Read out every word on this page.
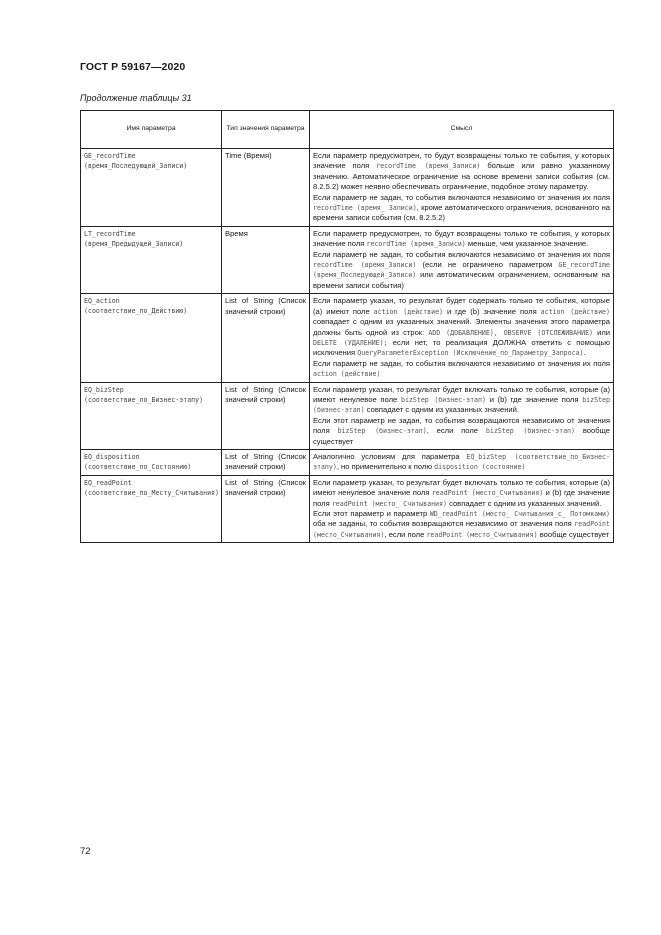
ГОСТ Р 59167—2020
Продолжение таблицы 31
Имя параметра	Тип значения параметра	Смысл
GE_recordTime (время_Последующей_Записи)	Time (Время)	Если параметр предусмотрен, то будут возвращены только те события, у которых значение поля recordTime (время_Записи) больше или равно указанному значению. Автоматическое ограничение на основе времени записи события (см. 8.2.5.2) может неявно обеспечивать ограничение, подобное этому параметру.

Если параметр не задан, то события включаются независимо от значения их поля recordTime (время_ Записи), кроме автоматического ограничения, основанного на времени записи события (см. 8.2.5.2)

LT_recordTime (время_Предыдущей_Записи)	Время	Если параметр предусмотрен, то будут возвращены только те события, у которых значение поля recordTime (время_Записи) меньше, чем указанное значение.

Если параметр не задан, то события включаются независимо от значения их поля recordTime (время_Записи) (если не ограничено параметром GE_recordTime (время_Последующей_Записи) или автоматическим ограничением, основанным на времени записи события)

EQ_action (соответствие_по_Действию)	List of String (Список значений строки)	Если параметр указан, то результат будет содержать только те события, которые (a) имеют поле action (действие) и где (b) значение поля action (действие) совпадает с одним из указанных значений. Элементы значения этого параметра должны быть одной из строк: ADD (ДОБАВЛЕНИЕ), OBSERVE (ОТСЛЕЖИВАНИЕ) или DELETE (УДАЛЕНИЕ); если нет, то реализация ДОЛЖНА ответить с помощью исключения QueryParameterException (Исключение_по_Параметру_Запроса).

Если параметр не задан, то события включаются независимо от значения их поля action (действие)

EQ_bizStep (соответствие_по_Бизнес-этапу)	List of String (Список значений строки)	Если параметр указан, то результат будет включать только те события, которые (a) имеют ненулевое поле bizStep (бизнес-этап) и (b) где значение поля bizStep (бизнес-этап) совпадает с одним из указанных значений.

Если этот параметр не задан, то события возвращаются независимо от значения поля bizStep (бизнес-этап), если поле bizStep (бизнес-этап) вообще существует

EQ_disposition (соответствие_по_Состоянию)	List of String (Список значений строки)	Аналогично условиям для параметра EQ_bizStep (соответствие_по_Бизнес-этапу), но применительно к полю disposition (состояние)

EQ_readPoint (соответствие_по_Месту_Считывания)	List of String (Список значений строки)	Если параметр указан, то результат будет включать только те события, которые (a) имеют ненулевое значение поля readPoint (место_Считывания) и (b) где значение поля readPoint (место_ Считывания) совпадает с одним из указанных значений.

Если этот параметр и параметр WD_readPoint (место_ Считывания_с_ Потомками) оба не заданы, то события возвращаются независимо от значения поля readPoint (место_Считывания), если поле readPoint (место_Считывания) вообще существует

72
